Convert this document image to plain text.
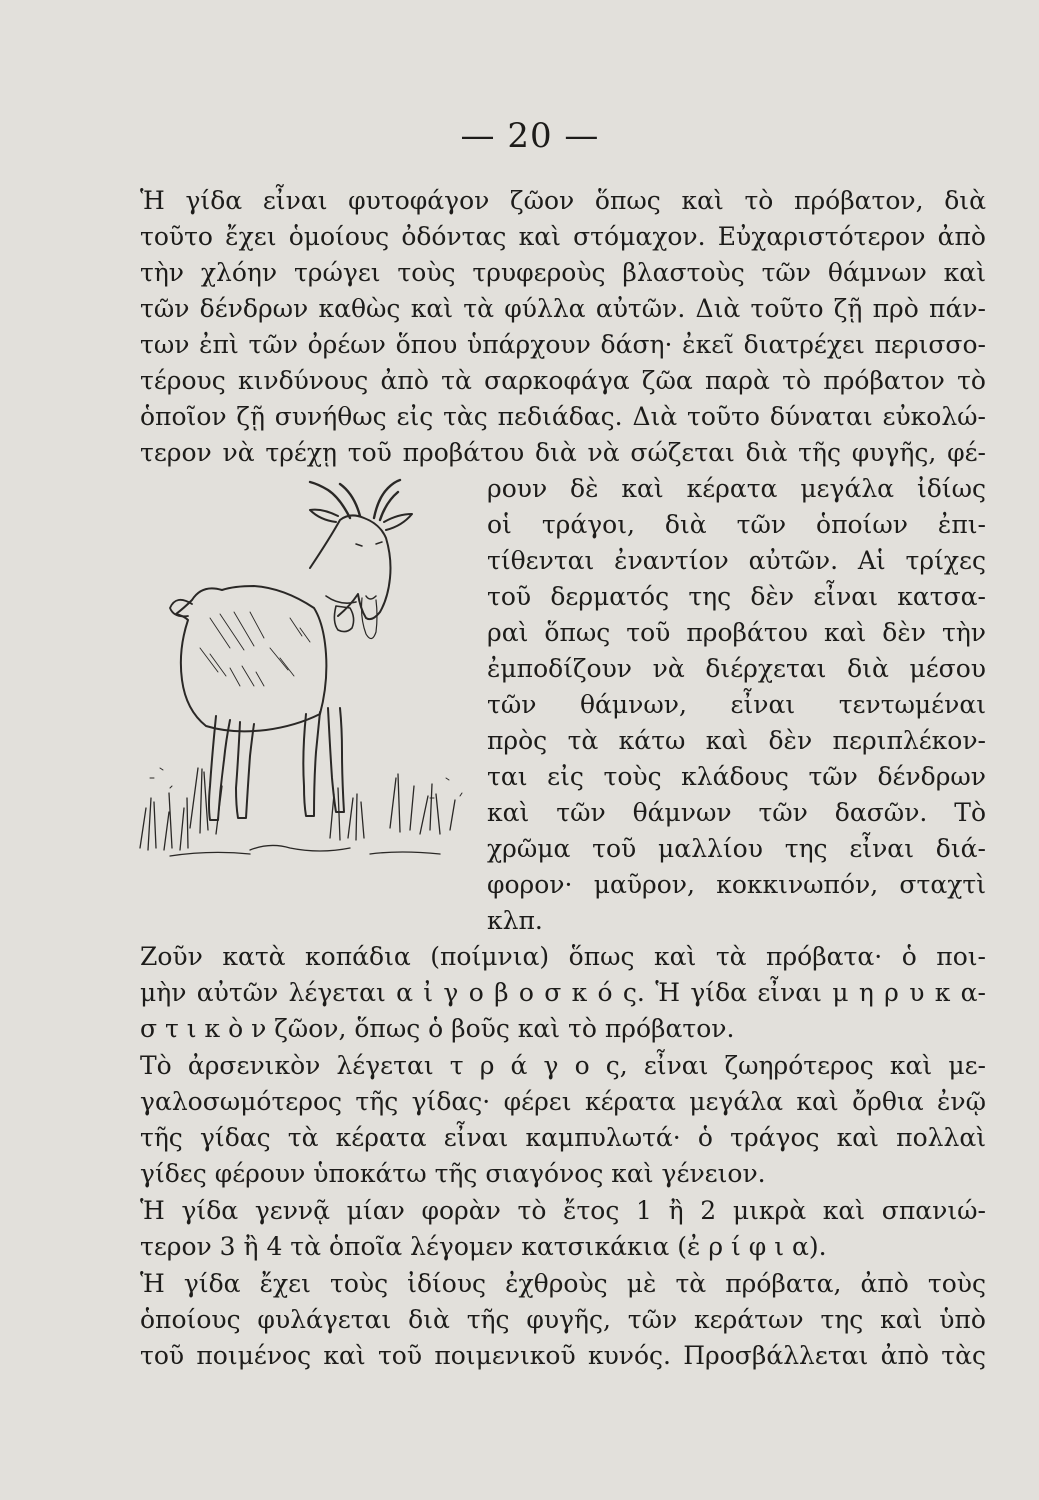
— 20 —
Ἡ γίδα εἶναι φυτοφάγον ζῶον ὅπως καὶ τὸ πρόβατον, διὰ
τοῦτο ἔχει ὁμοίους ὀδόντας καὶ στόμαχον. Εὐχαριστότερον ἀπὸ
τὴν χλόην τρώγει τοὺς τρυφεροὺς βλαστοὺς τῶν θάμνων καὶ
τῶν δένδρων καθὼς καὶ τὰ φύλλα αὐτῶν. Διὰ τοῦτο ζῇ πρὸ πάν-
των ἐπὶ τῶν ὀρέων ὅπου ὑπάρχουν δάση· ἐκεῖ διατρέχει περισσο-
τέρους κινδύνους ἀπὸ τὰ σαρκοφάγα ζῶα παρὰ τὸ πρόβατον τὸ
ὁποῖον ζῇ συνήθως εἰς τὰς πεδιάδας. Διὰ τοῦτο δύναται εὐκολώ-
τερον νὰ τρέχῃ τοῦ προβάτου διὰ νὰ σώζεται διὰ τῆς φυγῆς, φέ-
ρουν δὲ καὶ κέρατα μεγάλα ἰδίως
οἱ τράγοι, διὰ τῶν ὁποίων ἐπι-
τίθενται ἐναντίον αὐτῶν. Αἱ τρίχες
τοῦ δερματός της δὲν εἶναι κατσα-
ραὶ ὅπως τοῦ προβάτου καὶ δὲν τὴν
ἐμποδίζουν νὰ διέρχεται διὰ μέσου
τῶν θάμνων, εἶναι τεντωμέναι
πρὸς τὰ κάτω καὶ δὲν περιπλέκον-
ται εἰς τοὺς κλάδους τῶν δένδρων
καὶ τῶν θάμνων τῶν δασῶν. Τὸ
χρῶμα τοῦ μαλλίου της εἶναι διά-
φορον· μαῦρον, κοκκινωπόν, σταχτὶ
κλπ.
Ζοῦν κατὰ κοπάδια (ποίμνια) ὅπως καὶ τὰ πρόβατα· ὁ ποι-
μὴν αὐτῶν λέγεται α ἰ γ ο β ο σ κ ό ς. Ἡ γίδα εἶναι μ η ρ υ κ α-
σ τ ι κ ὸ ν ζῶον, ὅπως ὁ βοῦς καὶ τὸ πρόβατον.
Τὸ ἀρσενικὸν λέγεται τ ρ ά γ ο ς, εἶναι ζωηρότερος καὶ με-
γαλοσωμότερος τῆς γίδας· φέρει κέρατα μεγάλα καὶ ὄρθια ἐνῷ
τῆς γίδας τὰ κέρατα εἶναι καμπυλωτά· ὁ τράγος καὶ πολλαὶ
γίδες φέρουν ὑποκάτω τῆς σιαγόνος καὶ γένειον.
Ἡ γίδα γεννᾷ μίαν φορὰν τὸ ἔτος 1 ἢ 2 μικρὰ καὶ σπανιώ-
τερον 3 ἢ 4 τὰ ὁποῖα λέγομεν κατσικάκια (ἐ ρ ί φ ι α).
Ἡ γίδα ἔχει τοὺς ἰδίους ἐχθροὺς μὲ τὰ πρόβατα, ἀπὸ τοὺς
ὁποίους φυλάγεται διὰ τῆς φυγῆς, τῶν κεράτων της καὶ ὑπὸ
τοῦ ποιμένος καὶ τοῦ ποιμενικοῦ κυνός. Προσβάλλεται ἀπὸ τὰς
